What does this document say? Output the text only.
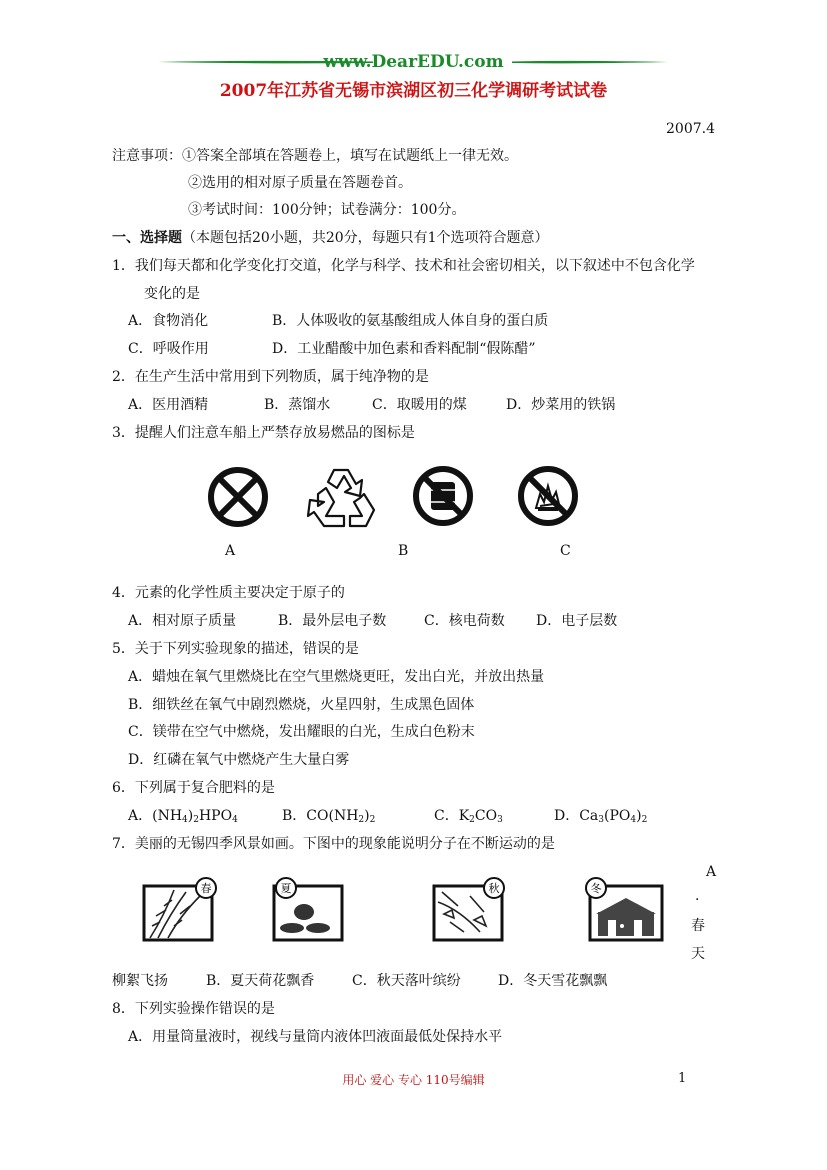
www.DearEDU.com
2007年江苏省无锡市滨湖区初三化学调研考试试卷
2007.4
注意事项：①答案全部填在答题卷上，填写在试题纸上一律无效。
②选用的相对原子质量在答题卷首。
③考试时间：100分钟；试卷满分：100分。
一、选择题（本题包括20小题，共20分，每题只有1个选项符合题意）
1．我们每天都和化学变化打交道，化学与科学、技术和社会密切相关，以下叙述中不包含化学
变化的是
A．食物消化	B．人体吸收的氨基酸组成人体自身的蛋白质
C．呼吸作用	D．工业醋酸中加色素和香料配制“假陈醋”
2．在生产生活中常用到下列物质，属于纯净物的是
A．医用酒精	B．蒸馏水	C．取暖用的煤	D．炒菜用的铁锅
3．提醒人们注意车船上严禁存放易燃品的图标是
A	B	C
4．元素的化学性质主要决定于原子的
A．相对原子质量	B．最外层电子数	C．核电荷数 D．电子层数
5．关于下列实验现象的描述，错误的是
A．蜡烛在氧气里燃烧比在空气里燃烧更旺，发出白光，并放出热量
B．细铁丝在氧气中剧烈燃烧，火星四射，生成黑色固体
C．镁带在空气中燃烧，发出耀眼的白光，生成白色粉末
D．红磷在氧气中燃烧产生大量白雾
6．下列属于复合肥料的是
A．$(NH_4)_2HPO_4$	B．$CO(NH_2)_2$	C．$K_2CO_3$	D．$Ca_3(PO_4)_2$
7．美丽的无锡四季风景如画。下图中的现象能说明分子在不断运动的是
春	夏	秋	冬
A
·
春
天
柳絮飞扬	B．夏天荷花飘香	C．秋天落叶缤纷	D．冬天雪花飘飘
8．下列实验操作错误的是
A．用量筒量液时，视线与量筒内液体凹液面最低处保持水平
用心 爱心 专心 110号编辑	1
